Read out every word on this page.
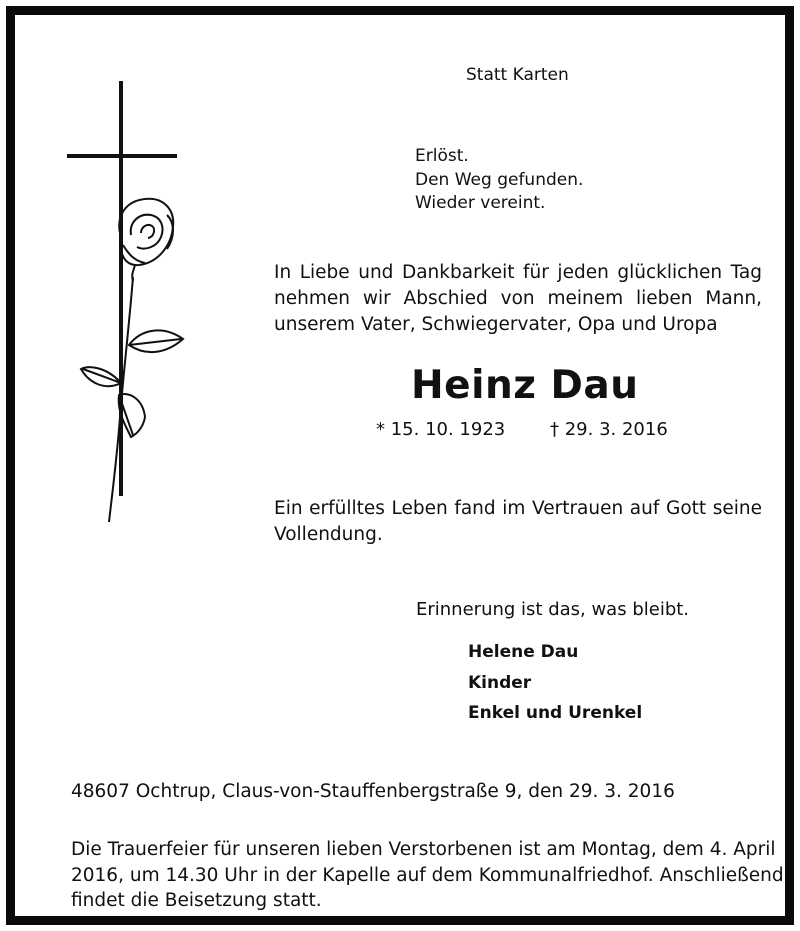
Statt Karten
Erlöst.
Den Weg gefunden.
Wieder vereint.
In Liebe und Dankbarkeit für jeden glücklichen Tag
nehmen wir Abschied von meinem lieben Mann,
unserem Vater, Schwiegervater, Opa und Uropa
Heinz Dau
* 15. 10. 1923 † 29. 3. 2016
Ein erfülltes Leben fand im Vertrauen auf Gott seine
Vollendung.
Erinnerung ist das, was bleibt.
Helene Dau
Kinder
Enkel und Urenkel
48607 Ochtrup, Claus-von-Stauffenbergstraße 9, den 29. 3. 2016
Die Trauerfeier für unseren lieben Verstorbenen ist am Montag, dem 4. April
2016, um 14.30 Uhr in der Kapelle auf dem Kommunalfriedhof. Anschließend
findet die Beisetzung statt.
